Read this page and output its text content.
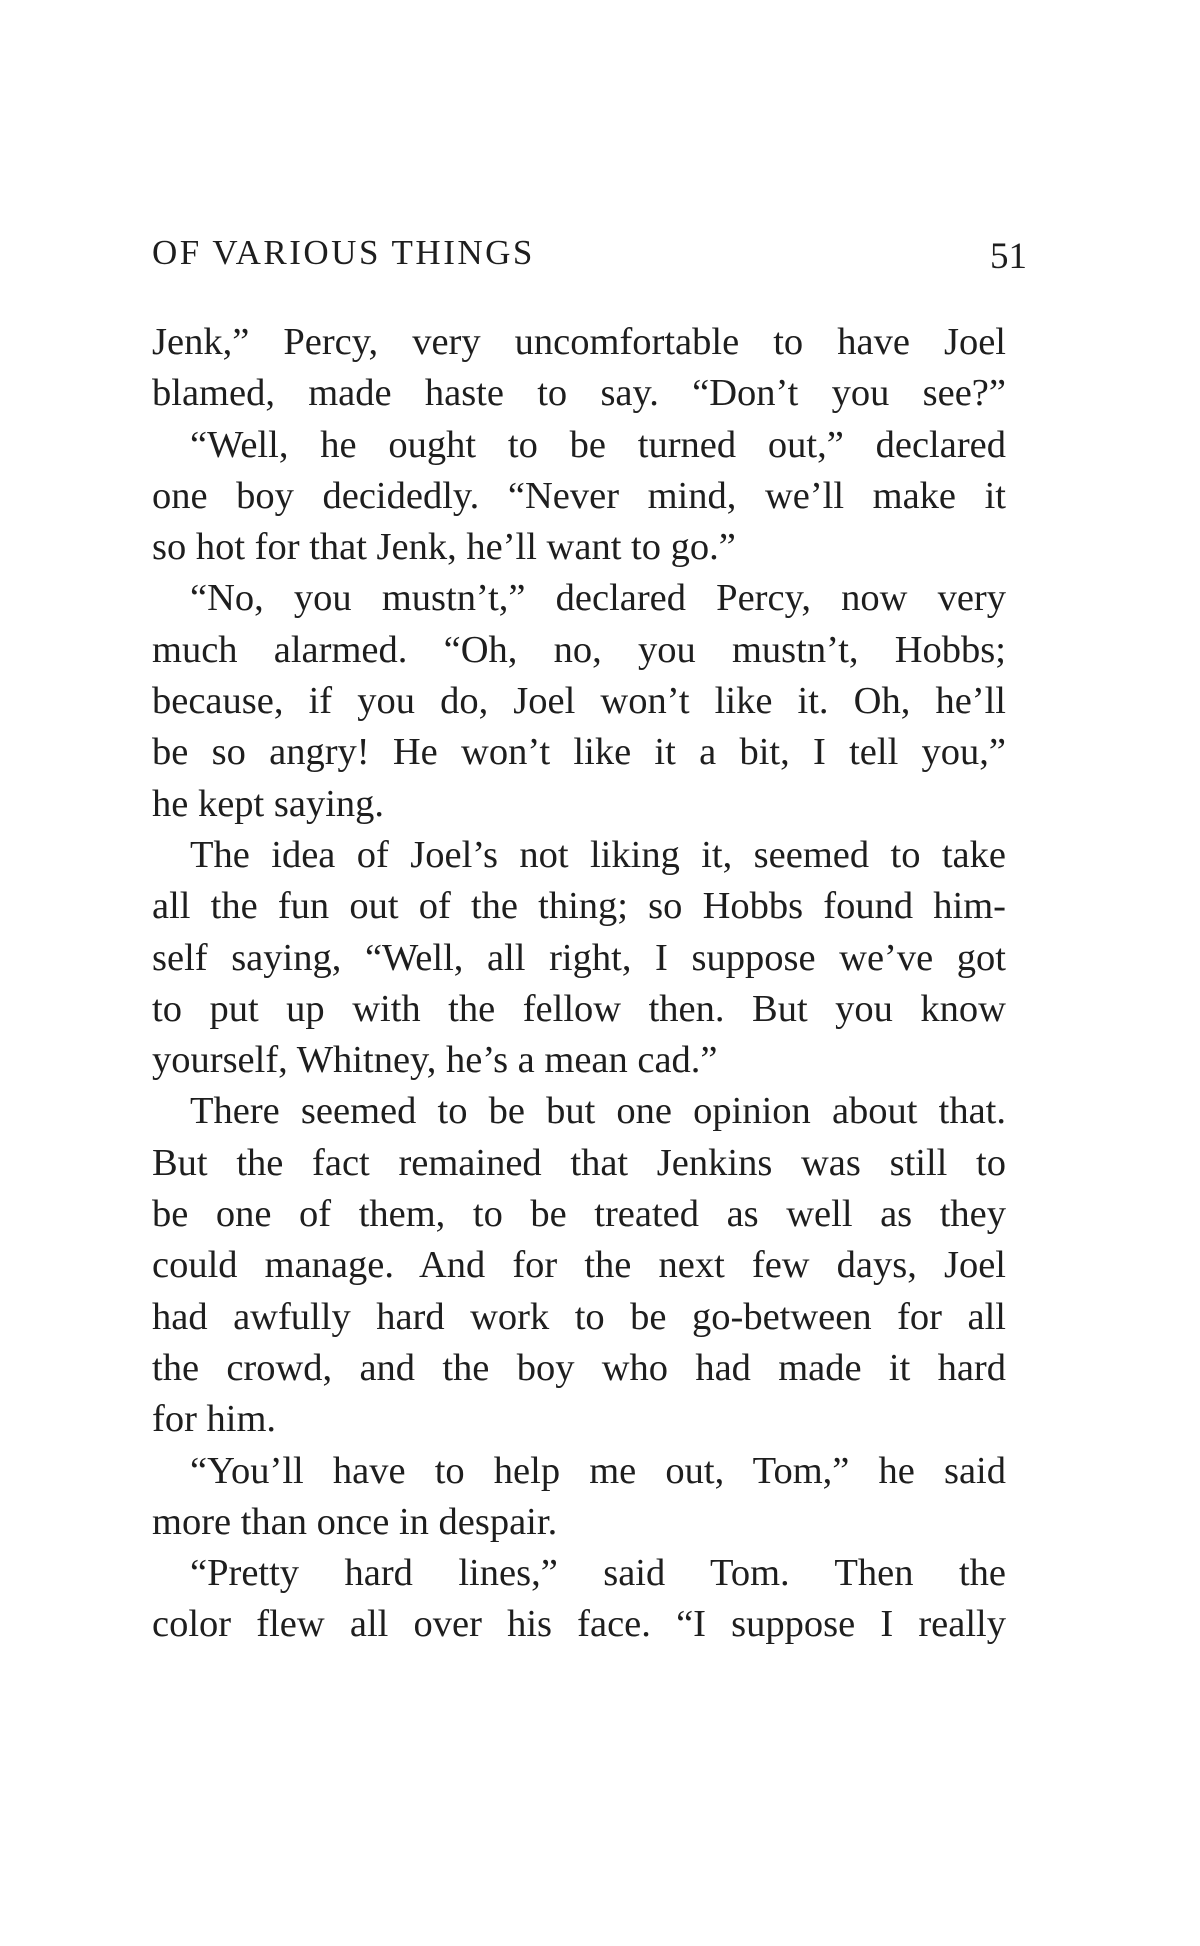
OF VARIOUS THINGS	51
Jenk,” Percy, very uncomfortable to have Joel
blamed, made haste to say. “Don’t you see?”
“Well, he ought to be turned out,” declared
one boy decidedly. “Never mind, we’ll make it
so hot for that Jenk, he’ll want to go.”
“No, you mustn’t,” declared Percy, now very
much alarmed. “Oh, no, you mustn’t, Hobbs;
because, if you do, Joel won’t like it. Oh, he’ll
be so angry! He won’t like it a bit, I tell you,”
he kept saying.
The idea of Joel’s not liking it, seemed to take
all the fun out of the thing; so Hobbs found him-
self saying, “Well, all right, I suppose we’ve got
to put up with the fellow then. But you know
yourself, Whitney, he’s a mean cad.”
There seemed to be but one opinion about that.
But the fact remained that Jenkins was still to
be one of them, to be treated as well as they
could manage. And for the next few days, Joel
had awfully hard work to be go-between for all
the crowd, and the boy who had made it hard
for him.
“You’ll have to help me out, Tom,” he said
more than once in despair.
“Pretty hard lines,” said Tom. Then the
color flew all over his face. “I suppose I really
